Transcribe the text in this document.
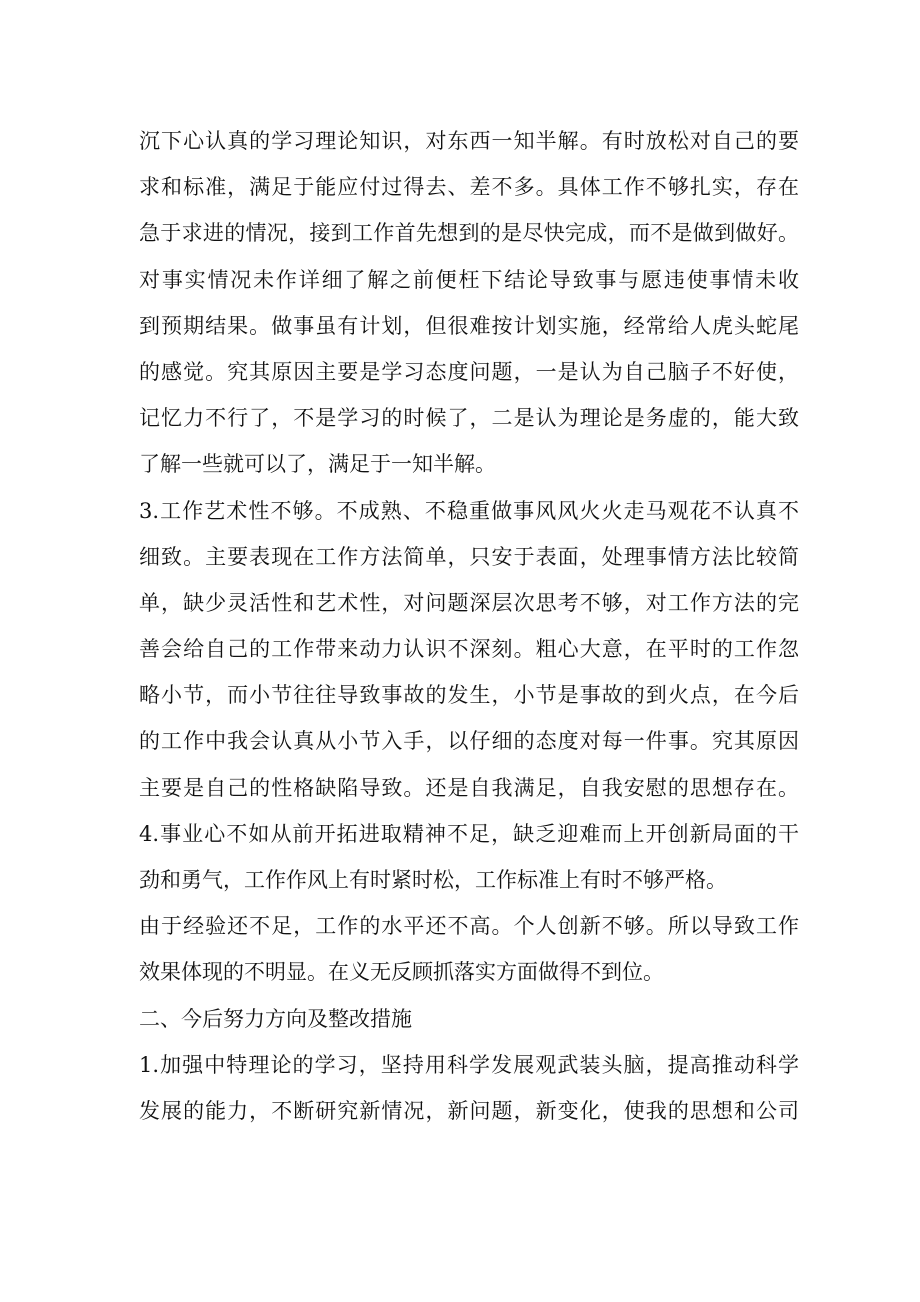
沉下心认真的学习理论知识，对东西一知半解。有时放松对自己的要
求和标准，满足于能应付过得去、差不多。具体工作不够扎实，存在
急于求进的情况，接到工作首先想到的是尽快完成，而不是做到做好。
对事实情况未作详细了解之前便枉下结论导致事与愿违使事情未收
到预期结果。做事虽有计划，但很难按计划实施，经常给人虎头蛇尾
的感觉。究其原因主要是学习态度问题，一是认为自己脑子不好使，
记忆力不行了，不是学习的时候了，二是认为理论是务虚的，能大致
了解一些就可以了，满足于一知半解。
3.工作艺术性不够。不成熟、不稳重做事风风火火走马观花不认真不
细致。主要表现在工作方法简单，只安于表面，处理事情方法比较简
单，缺少灵活性和艺术性，对问题深层次思考不够，对工作方法的完
善会给自己的工作带来动力认识不深刻。粗心大意，在平时的工作忽
略小节，而小节往往导致事故的发生，小节是事故的到火点，在今后
的工作中我会认真从小节入手，以仔细的态度对每一件事。究其原因
主要是自己的性格缺陷导致。还是自我满足，自我安慰的思想存在。
4.事业心不如从前开拓进取精神不足，缺乏迎难而上开创新局面的干
劲和勇气，工作作风上有时紧时松，工作标准上有时不够严格。
由于经验还不足，工作的水平还不高。个人创新不够。所以导致工作
效果体现的不明显。在义无反顾抓落实方面做得不到位。
二、今后努力方向及整改措施
1.加强中特理论的学习，坚持用科学发展观武装头脑，提高推动科学
发展的能力，不断研究新情况，新问题，新变化，使我的思想和公司
